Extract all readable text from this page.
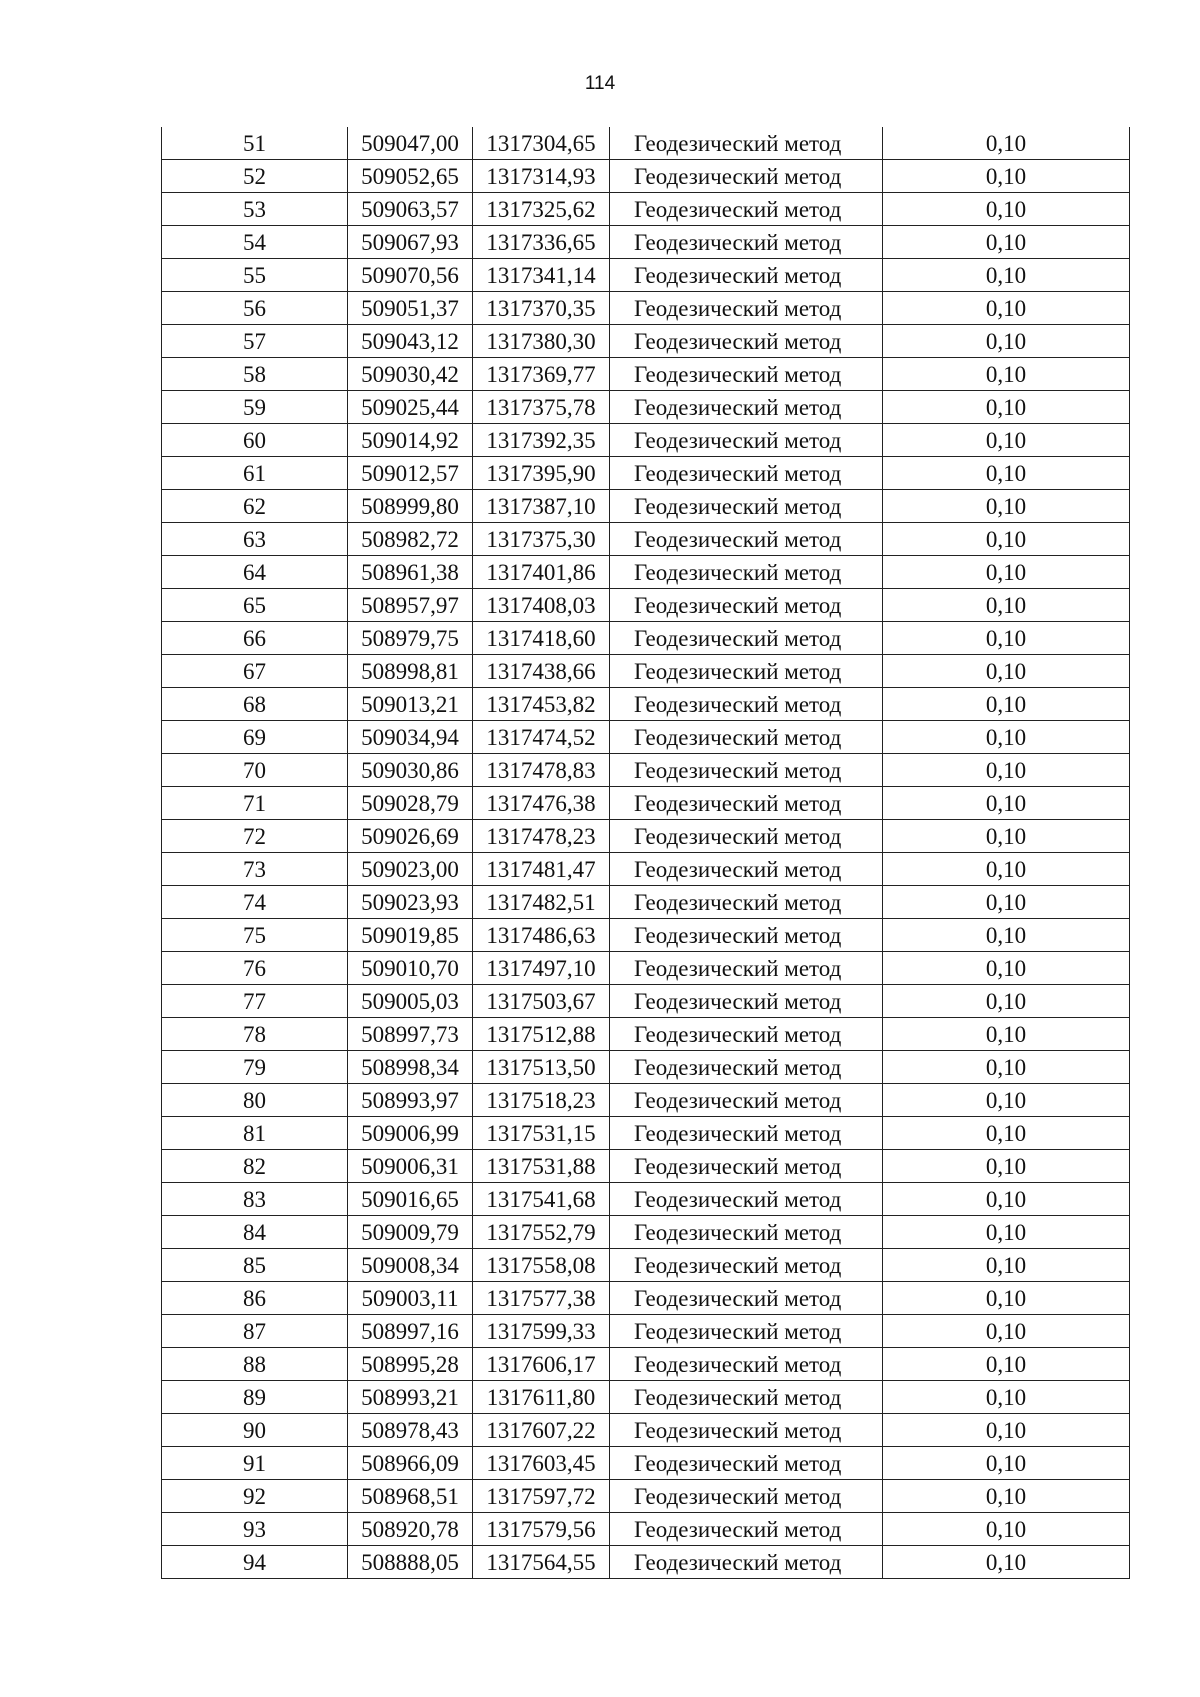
114
51	509047,00	1317304,65	Геодезический метод	0,10
52	509052,65	1317314,93	Геодезический метод	0,10
53	509063,57	1317325,62	Геодезический метод	0,10
54	509067,93	1317336,65	Геодезический метод	0,10
55	509070,56	1317341,14	Геодезический метод	0,10
56	509051,37	1317370,35	Геодезический метод	0,10
57	509043,12	1317380,30	Геодезический метод	0,10
58	509030,42	1317369,77	Геодезический метод	0,10
59	509025,44	1317375,78	Геодезический метод	0,10
60	509014,92	1317392,35	Геодезический метод	0,10
61	509012,57	1317395,90	Геодезический метод	0,10
62	508999,80	1317387,10	Геодезический метод	0,10
63	508982,72	1317375,30	Геодезический метод	0,10
64	508961,38	1317401,86	Геодезический метод	0,10
65	508957,97	1317408,03	Геодезический метод	0,10
66	508979,75	1317418,60	Геодезический метод	0,10
67	508998,81	1317438,66	Геодезический метод	0,10
68	509013,21	1317453,82	Геодезический метод	0,10
69	509034,94	1317474,52	Геодезический метод	0,10
70	509030,86	1317478,83	Геодезический метод	0,10
71	509028,79	1317476,38	Геодезический метод	0,10
72	509026,69	1317478,23	Геодезический метод	0,10
73	509023,00	1317481,47	Геодезический метод	0,10
74	509023,93	1317482,51	Геодезический метод	0,10
75	509019,85	1317486,63	Геодезический метод	0,10
76	509010,70	1317497,10	Геодезический метод	0,10
77	509005,03	1317503,67	Геодезический метод	0,10
78	508997,73	1317512,88	Геодезический метод	0,10
79	508998,34	1317513,50	Геодезический метод	0,10
80	508993,97	1317518,23	Геодезический метод	0,10
81	509006,99	1317531,15	Геодезический метод	0,10
82	509006,31	1317531,88	Геодезический метод	0,10
83	509016,65	1317541,68	Геодезический метод	0,10
84	509009,79	1317552,79	Геодезический метод	0,10
85	509008,34	1317558,08	Геодезический метод	0,10
86	509003,11	1317577,38	Геодезический метод	0,10
87	508997,16	1317599,33	Геодезический метод	0,10
88	508995,28	1317606,17	Геодезический метод	0,10
89	508993,21	1317611,80	Геодезический метод	0,10
90	508978,43	1317607,22	Геодезический метод	0,10
91	508966,09	1317603,45	Геодезический метод	0,10
92	508968,51	1317597,72	Геодезический метод	0,10
93	508920,78	1317579,56	Геодезический метод	0,10
94	508888,05	1317564,55	Геодезический метод	0,10
